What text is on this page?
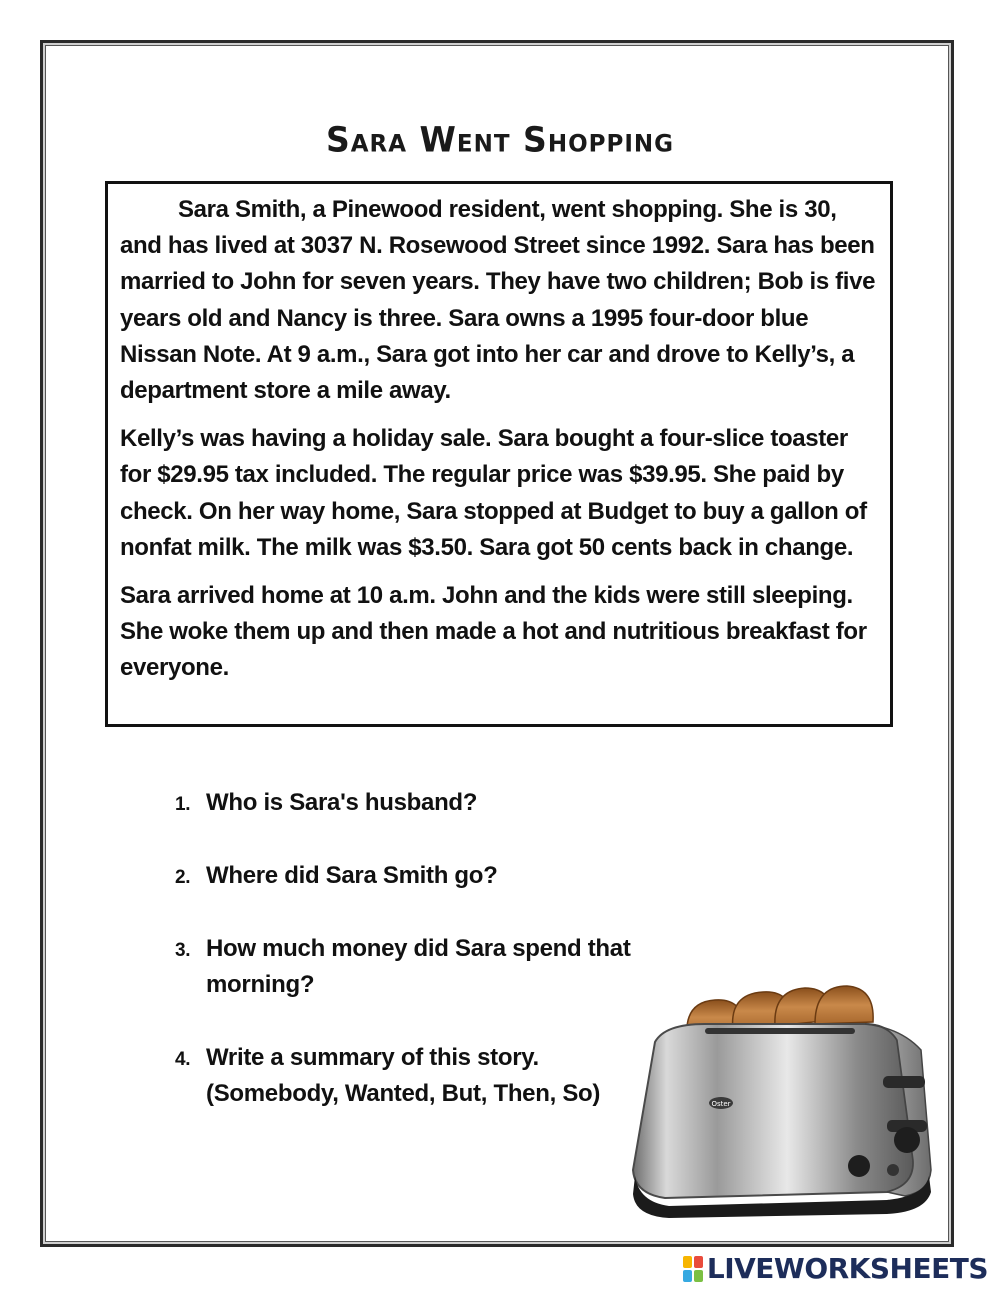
Sara Went Shopping

Sara Smith, a Pinewood resident, went shopping. She is 30, and has lived at 3037 N. Rosewood Street since 1992. Sara has been married to John for seven years. They have two children; Bob is five years old and Nancy is three. Sara owns a 1995 four-door blue Nissan Note. At 9 a.m., Sara got into her car and drove to Kelly’s, a department store a mile away.

Kelly’s was having a holiday sale. Sara bought a four-slice toaster for $29.95 tax included. The regular price was $39.95. She paid by check. On her way home, Sara stopped at Budget to buy a gallon of nonfat milk. The milk was $3.50. Sara got 50 cents back in change.

Sara arrived home at 10 a.m. John and the kids were still sleeping. She woke them up and then made a hot and nutritious breakfast for everyone.

1. Who is Sara's husband?
2. Where did Sara Smith go?
3. How much money did Sara spend that morning?
4. Write a summary of this story.
(Somebody, Wanted, But, Then, So)	Oster
LIVEWORKSHEETS
